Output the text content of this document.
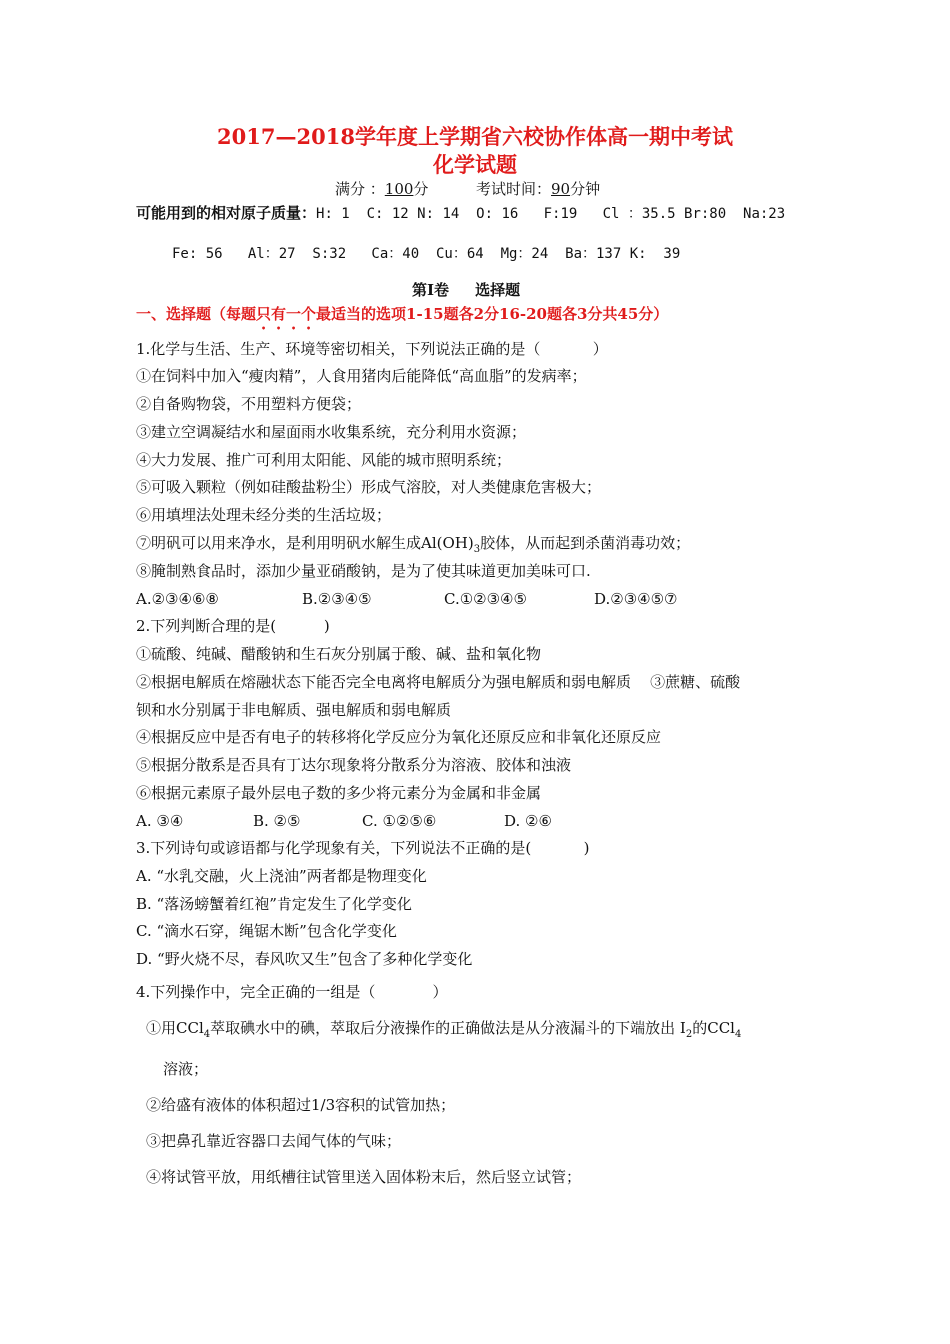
2017—2018学年度上学期省六校协作体高一期中考试
化学试题
满分 ：100分	考试时间：90分钟
可能用到的相对原子质量：H: 1  C: 12 N: 14  O: 16   F:19   Cl ：35.5 Br:80  Na:23
Fe: 56   Al：27  S:32   Ca：40  Cu：64  Mg：24  Ba：137 K:  39
第Ⅰ卷     选择题
一、选择题（每题只有一个最适当的选项1-15题各2分16-20题各3分共45分）
1.化学与生活、生产、环境等密切相关，下列说法正确的是（           ）
①在饲料中加入“瘦肉精”，人食用猪肉后能降低“高血脂”的发病率；
②自备购物袋，不用塑料方便袋；
③建立空调凝结水和屋面雨水收集系统，充分利用水资源；
④大力发展、推广可利用太阳能、风能的城市照明系统；
⑤可吸入颗粒（例如硅酸盐粉尘）形成气溶胶，对人类健康危害极大；
⑥用填埋法处理未经分类的生活垃圾；
⑦明矾可以用来净水，是利用明矾水解生成$Al(OH)_3$胶体，从而起到杀菌消毒功效；
⑧腌制熟食品时，添加少量亚硝酸钠，是为了使其味道更加美味可口.
A.②③④⑥⑧	B.②③④⑤	C.①②③④⑤	D.②③④⑤⑦
2.下列判断合理的是(          )
①硫酸、纯碱、醋酸钠和生石灰分别属于酸、碱、盐和氧化物
②根据电解质在熔融状态下能否完全电离将电解质分为强电解质和弱电解质    ③蔗糖、硫酸
钡和水分别属于非电解质、强电解质和弱电解质
④根据反应中是否有电子的转移将化学反应分为氧化还原反应和非氧化还原反应
⑤根据分散系是否具有丁达尔现象将分散系分为溶液、胶体和浊液
⑥根据元素原子最外层电子数的多少将元素分为金属和非金属
A. ③④	B. ②⑤	C. ①②⑤⑥	D. ②⑥
3.下列诗句或谚语都与化学现象有关，下列说法不正确的是(           )
A. “水乳交融，火上浇油”两者都是物理变化
B. “落汤螃蟹着红袍”肯定发生了化学变化
C. “滴水石穿，绳锯木断”包含化学变化
D. “野火烧不尽，春风吹又生”包含了多种化学变化
4.下列操作中，完全正确的一组是（            ）
①用CCl$_4$萃取碘水中的碘，萃取后分液操作的正确做法是从分液漏斗的下端放出 $I_2$的CCl$_4$
溶液；
②给盛有液体的体积超过1/3容积的试管加热；
③把鼻孔靠近容器口去闻气体的气味；
④将试管平放，用纸槽往试管里送入固体粉末后，然后竖立试管；
